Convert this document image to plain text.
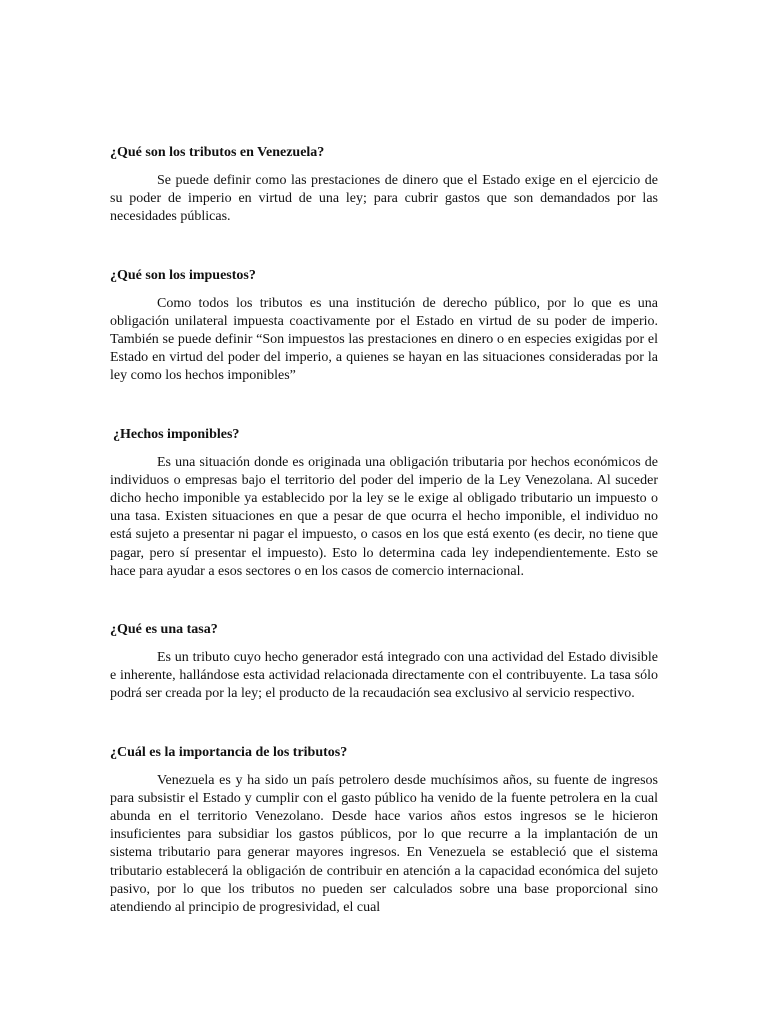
¿Qué son los tributos en Venezuela?

Se puede definir como las prestaciones de dinero que el Estado exige en el ejercicio de su poder de imperio en virtud de una ley; para cubrir gastos que son demandados por las necesidades públicas.

¿Qué son los impuestos?

Como todos los tributos es una institución de derecho público, por lo que es una obligación unilateral impuesta coactivamente por el Estado en virtud de su poder de imperio. También se puede definir “Son impuestos las prestaciones en dinero o en especies exigidas por el Estado en virtud del poder del imperio, a quienes se hayan en las situaciones consideradas por la ley como los hechos imponibles”

¿Hechos imponibles?

Es una situación donde es originada una obligación tributaria por hechos económicos de individuos o empresas bajo el territorio del poder del imperio de la Ley Venezolana. Al suceder dicho hecho imponible ya establecido por la ley se le exige al obligado tributario un impuesto o una tasa. Existen situaciones en que a pesar de que ocurra el hecho imponible, el individuo no está sujeto a presentar ni pagar el impuesto, o casos en los que está exento (es decir, no tiene que pagar, pero sí presentar el impuesto). Esto lo determina cada ley independientemente. Esto se hace para ayudar a esos sectores o en los casos de comercio internacional.

¿Qué es una tasa?

Es un tributo cuyo hecho generador está integrado con una actividad del Estado divisible e inherente, hallándose esta actividad relacionada directamente con el contribuyente. La tasa sólo podrá ser creada por la ley; el producto de la recaudación sea exclusivo al servicio respectivo.

¿Cuál es la importancia de los tributos?

Venezuela es y ha sido un país petrolero desde muchísimos años, su fuente de ingresos para subsistir el Estado y cumplir con el gasto público ha venido de la fuente petrolera en la cual abunda en el territorio Venezolano. Desde hace varios años estos ingresos se le hicieron insuficientes para subsidiar los gastos públicos, por lo que recurre a la implantación de un sistema tributario para generar mayores ingresos. En Venezuela se estableció que el sistema tributario establecerá la obligación de contribuir en atención a la capacidad económica del sujeto pasivo, por lo que los tributos no pueden ser calculados sobre una base proporcional sino atendiendo al principio de progresividad, el cual
